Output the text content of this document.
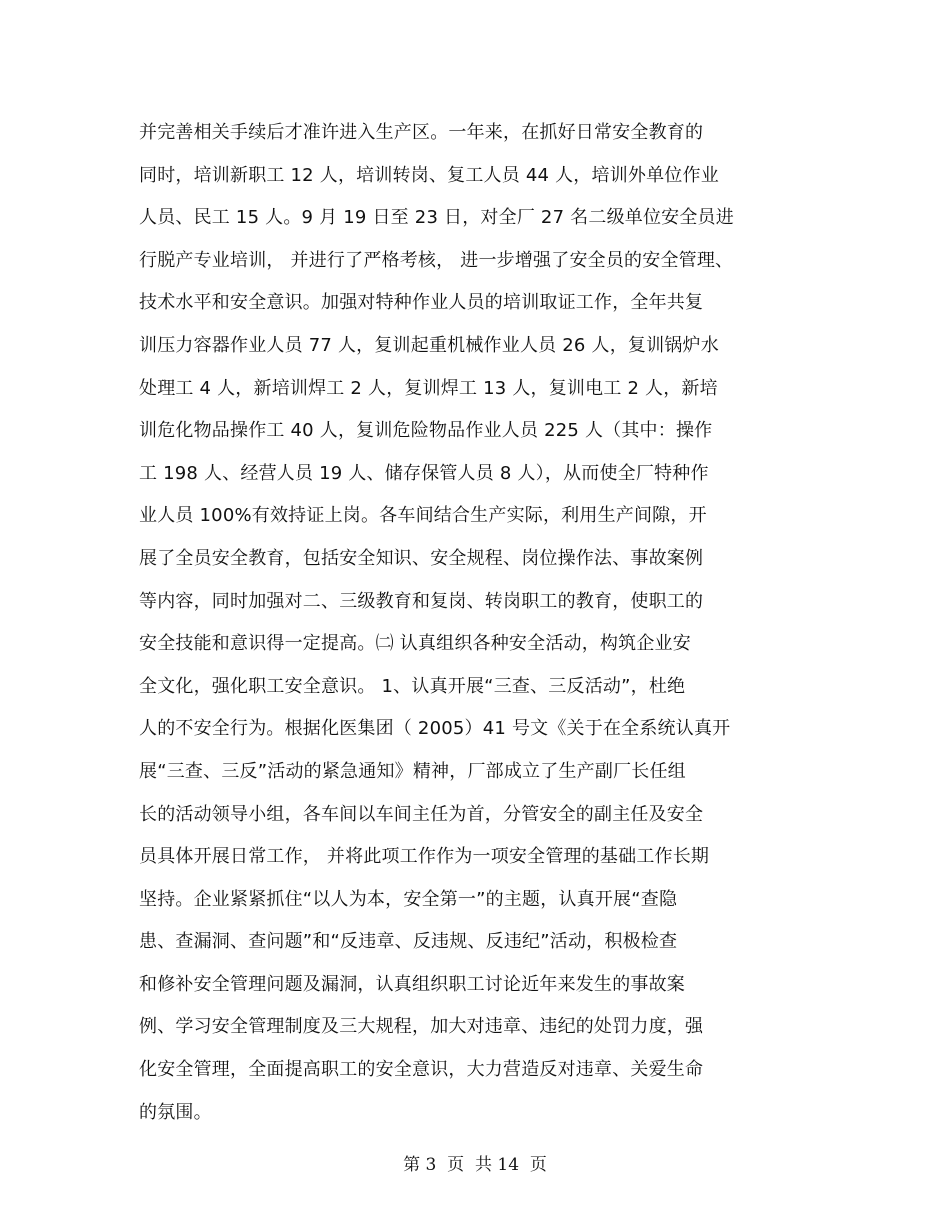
并完善相关手续后才准许进入生产区。一年来，在抓好日常安全教育的
同时，培训新职工 12 人，培训转岗、复工人员 44 人，培训外单位作业
人员、民工 15 人。9 月 19 日至 23 日，对全厂 27 名二级单位安全员进
行脱产专业培训， 并进行了严格考核， 进一步增强了安全员的安全管理、
技术水平和安全意识。加强对特种作业人员的培训取证工作，全年共复
训压力容器作业人员 77 人，复训起重机械作业人员 26 人，复训锅炉水
处理工 4 人，新培训焊工 2 人，复训焊工 13 人，复训电工 2 人，新培
训危化物品操作工 40 人，复训危险物品作业人员 225 人（其中：操作
工 198 人、经营人员 19 人、储存保管人员 8 人），从而使全厂特种作
业人员 100%有效持证上岗。各车间结合生产实际，利用生产间隙，开
展了全员安全教育，包括安全知识、安全规程、岗位操作法、事故案例
等内容，同时加强对二、三级教育和复岗、转岗职工的教育，使职工的
安全技能和意识得一定提高。㈡ 认真组织各种安全活动，构筑企业安
全文化，强化职工安全意识。 1、认真开展“三查、三反活动”，杜绝
人的不安全行为。根据化医集团（ 2005）41 号文《关于在全系统认真开
展“三查、三反”活动的紧急通知》精神，厂部成立了生产副厂长任组
长的活动领导小组，各车间以车间主任为首，分管安全的副主任及安全
员具体开展日常工作， 并将此项工作作为一项安全管理的基础工作长期
坚持。企业紧紧抓住“以人为本，安全第一”的主题，认真开展“查隐
患、查漏洞、查问题”和“反违章、反违规、反违纪”活动，积极检查
和修补安全管理问题及漏洞，认真组织职工讨论近年来发生的事故案
例、学习安全管理制度及三大规程，加大对违章、违纪的处罚力度，强
化安全管理，全面提高职工的安全意识，大力营造反对违章、关爱生命
的氛围。
第 3  页  共 14  页
